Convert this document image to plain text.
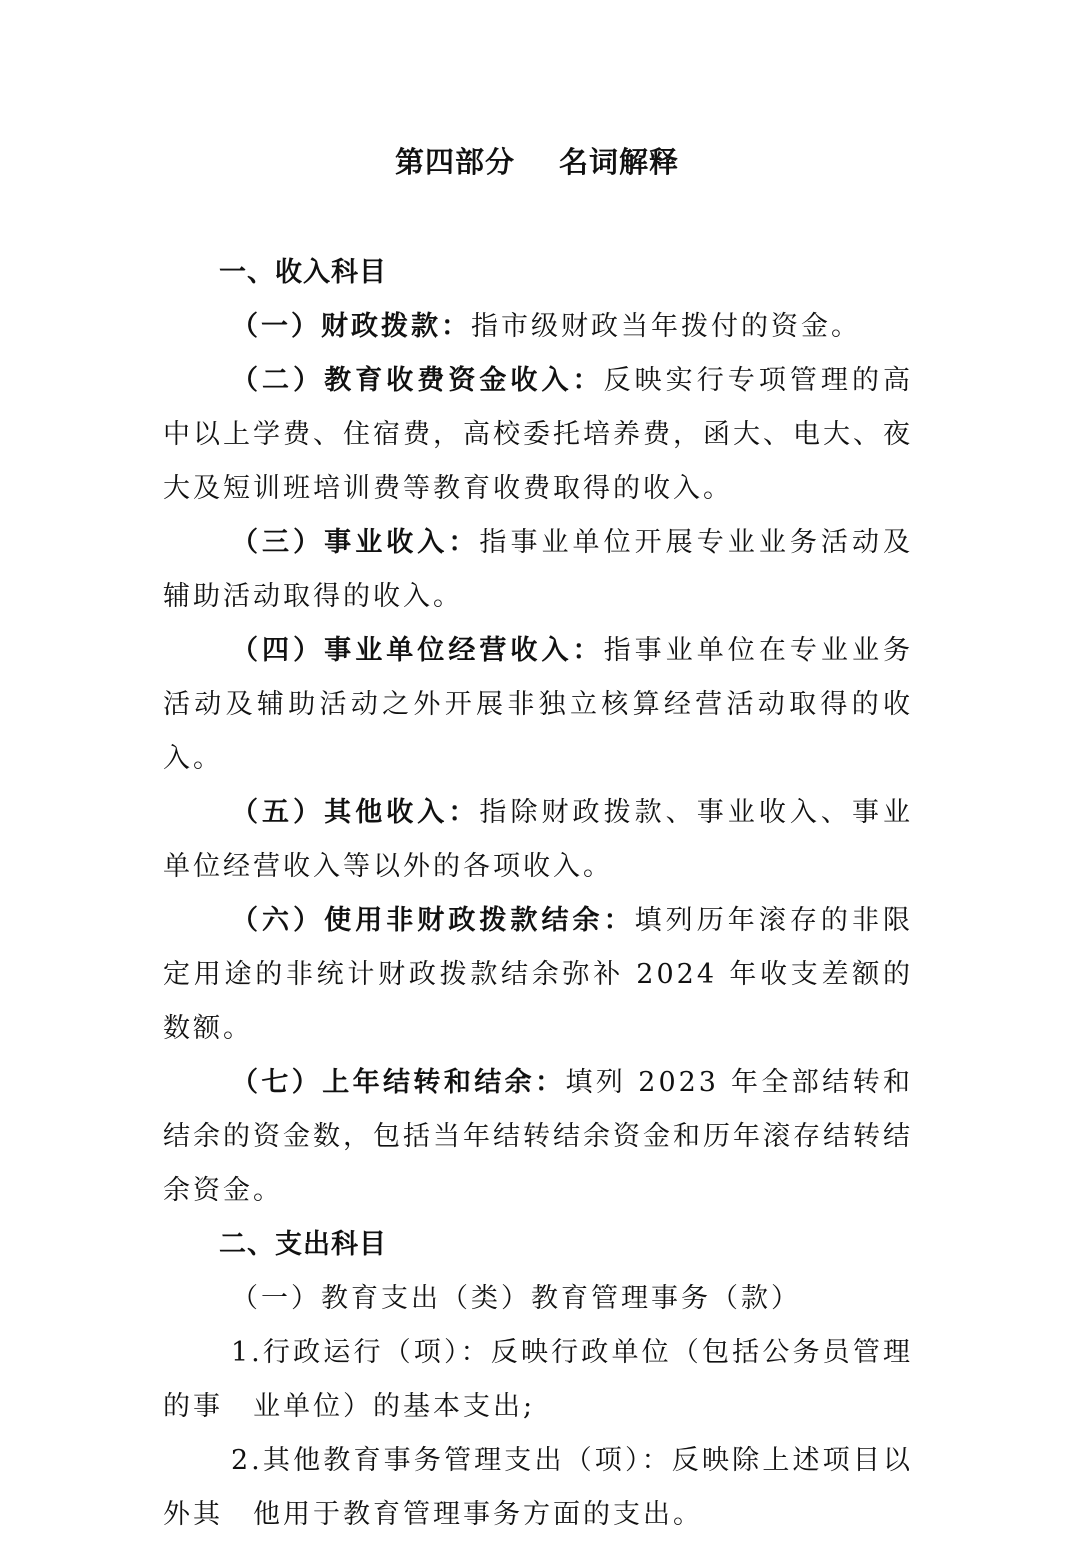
第四部分 名词解释

一、收入科目

（一）财政拨款：指市级财政当年拨付的资金。

（二）教育收费资金收入：反映实行专项管理的高中以上学费、住宿费，高校委托培养费，函大、电大、夜大及短训班培训费等教育收费取得的收入。

（三）事业收入：指事业单位开展专业业务活动及辅助活动取得的收入。

（四）事业单位经营收入：指事业单位在专业业务活动及辅助活动之外开展非独立核算经营活动取得的收入。

（五）其他收入：指除财政拨款、事业收入、事业单位经营收入等以外的各项收入。

（六）使用非财政拨款结余：填列历年滚存的非限定用途的非统计财政拨款结余弥补 2024 年收支差额的数额。

（七）上年结转和结余：填列 2023 年全部结转和结余的资金数，包括当年结转结余资金和历年滚存结转结余资金。

二、支出科目

（一）教育支出（类）教育管理事务（款）

1.行政运行（项）：反映行政单位（包括公务员管理的事　业单位）的基本支出;

2.其他教育事务管理支出（项）：反映除上述项目以外其　他用于教育管理事务方面的支出。
